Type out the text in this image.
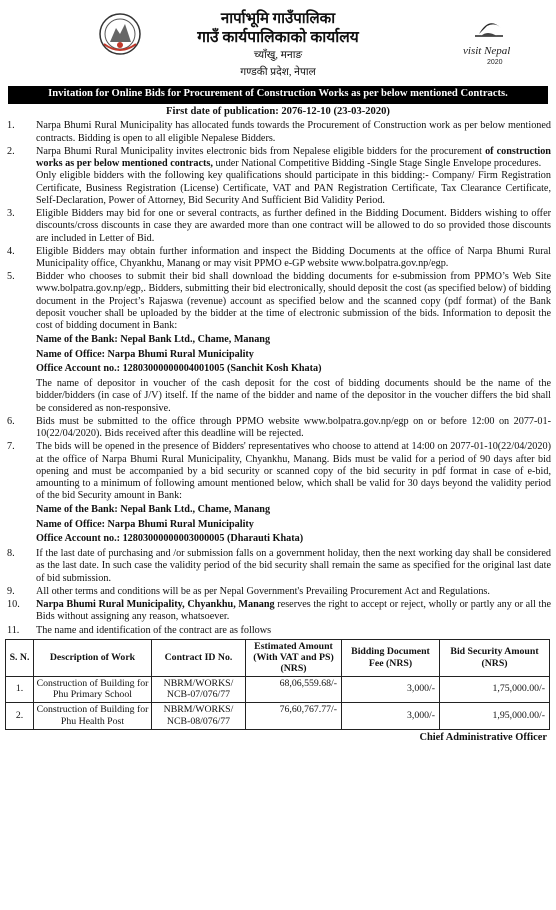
नार्पाभूमि गाउँपालिका
गाउँ कार्यपालिकाको कार्यालय
च्याँखु, मनाङ
गण्डकी प्रदेश, नेपाल
visit Nepal
2020
Invitation for Online Bids for Procurement of Construction Works as per below mentioned Contracts.
First date of publication: 2076-12-10 (23-03-2020)
1.	Narpa Bhumi Rural Municipality has allocated funds towards the Procurement of Construction work as per below mentioned contracts. Bidding is open to all eligible Nepalese Bidders.
2.	Narpa Bhumi Rural Municipality invites electronic bids from Nepalese eligible bidders for the procurement of construction works as per below mentioned contracts, under National Competitive Bidding -Single Stage Single Envelope procedures.
Only eligible bidders with the following key qualifications should participate in this bidding:- Company/ Firm Registration Certificate, Business Registration (License) Certificate, VAT and PAN Registration Certificate, Tax Clearance Certificate, Self-Declaration, Power of Attorney, Bid Security And Sufficient Bid Validity Period.
3.	Eligible Bidders may bid for one or several contracts, as further defined in the Bidding Document. Bidders wishing to offer discounts/cross discounts in case they are awarded more than one contract will be allowed to do so provided those discounts are included in Letter of Bid.
4.	Eligible Bidders may obtain further information and inspect the Bidding Documents at the office of Narpa Bhumi Rural Municipality office, Chyankhu, Manang or may visit PPMO e-GP website www.bolpatra.gov.np/egp.
5.	Bidder who chooses to submit their bid shall download the bidding documents for e-submission from PPMO’s Web Site www.bolpatra.gov.np/egp,. Bidders, submitting their bid electronically, should deposit the cost (as specified below) of bidding document in the Project’s Rajaswa (revenue) account as specified below and the scanned copy (pdf format) of the Bank deposit voucher shall be uploaded by the bidder at the time of electronic submission of the bids. Information to deposit the cost of bidding document in Bank:
Name of the Bank: Nepal Bank Ltd., Chame, Manang
Name of Office: Narpa Bhumi Rural Municipality
Office Account no.: 12803000000004001005 (Sanchit Kosh Khata)
The name of depositor in voucher of the cash deposit for the cost of bidding documents should be the name of the bidder/bidders (in case of J/V) itself. If the name of the bidder and name of the depositor in the voucher differs the bid shall be considered as non-responsive.
6.	Bids must be submitted to the office through PPMO website www.bolpatra.gov.np/egp on or before 12:00 on 2077-01-10(22/04/2020). Bids received after this deadline will be rejected.
7.	The bids will be opened in the presence of Bidders' representatives who choose to attend at 14:00 on 2077-01-10(22/04/2020) at the office of Narpa Bhumi Rural Municipality, Chyankhu, Manang. Bids must be valid for a period of 90 days after bid opening and must be accompanied by a bid security or scanned copy of the bid security in pdf format in case of e-bid, amounting to a minimum of following amount mentioned below, which shall be valid for 30 days beyond the validity period of the bid Security amount in Bank:
Name of the Bank: Nepal Bank Ltd., Chame, Manang
Name of Office: Narpa Bhumi Rural Municipality
Office Account no.: 12803000000003000005 (Dharauti Khata)
8.	If the last date of purchasing and /or submission falls on a government holiday, then the next working day shall be considered as the last date. In such case the validity period of the bid security shall remain the same as specified for the original last date of bid submission.
9.	All other terms and conditions will be as per Nepal Government's Prevailing Procurement Act and Regulations.
10.	Narpa Bhumi Rural Municipality, Chyankhu, Manang reserves the right to accept or reject, wholly or partly any or all the Bids without assigning any reason, whatsoever.
11.	The name and identification of the contract are as follows
S. N.	Description of Work	Contract ID No.	Estimated Amount (With VAT and PS) (NRS)	Bidding Document Fee (NRS)	Bid Security Amount (NRS)
1.	Construction of Building for Phu Primary School	NBRM/WORKS/ NCB-07/076/77	68,06,559.68/-	3,000/-	1,75,000.00/-
2.	Construction of Building for Phu Health Post	NBRM/WORKS/ NCB-08/076/77	76,60,767.77/-	3,000/-	1,95,000.00/-
Chief Administrative Officer
